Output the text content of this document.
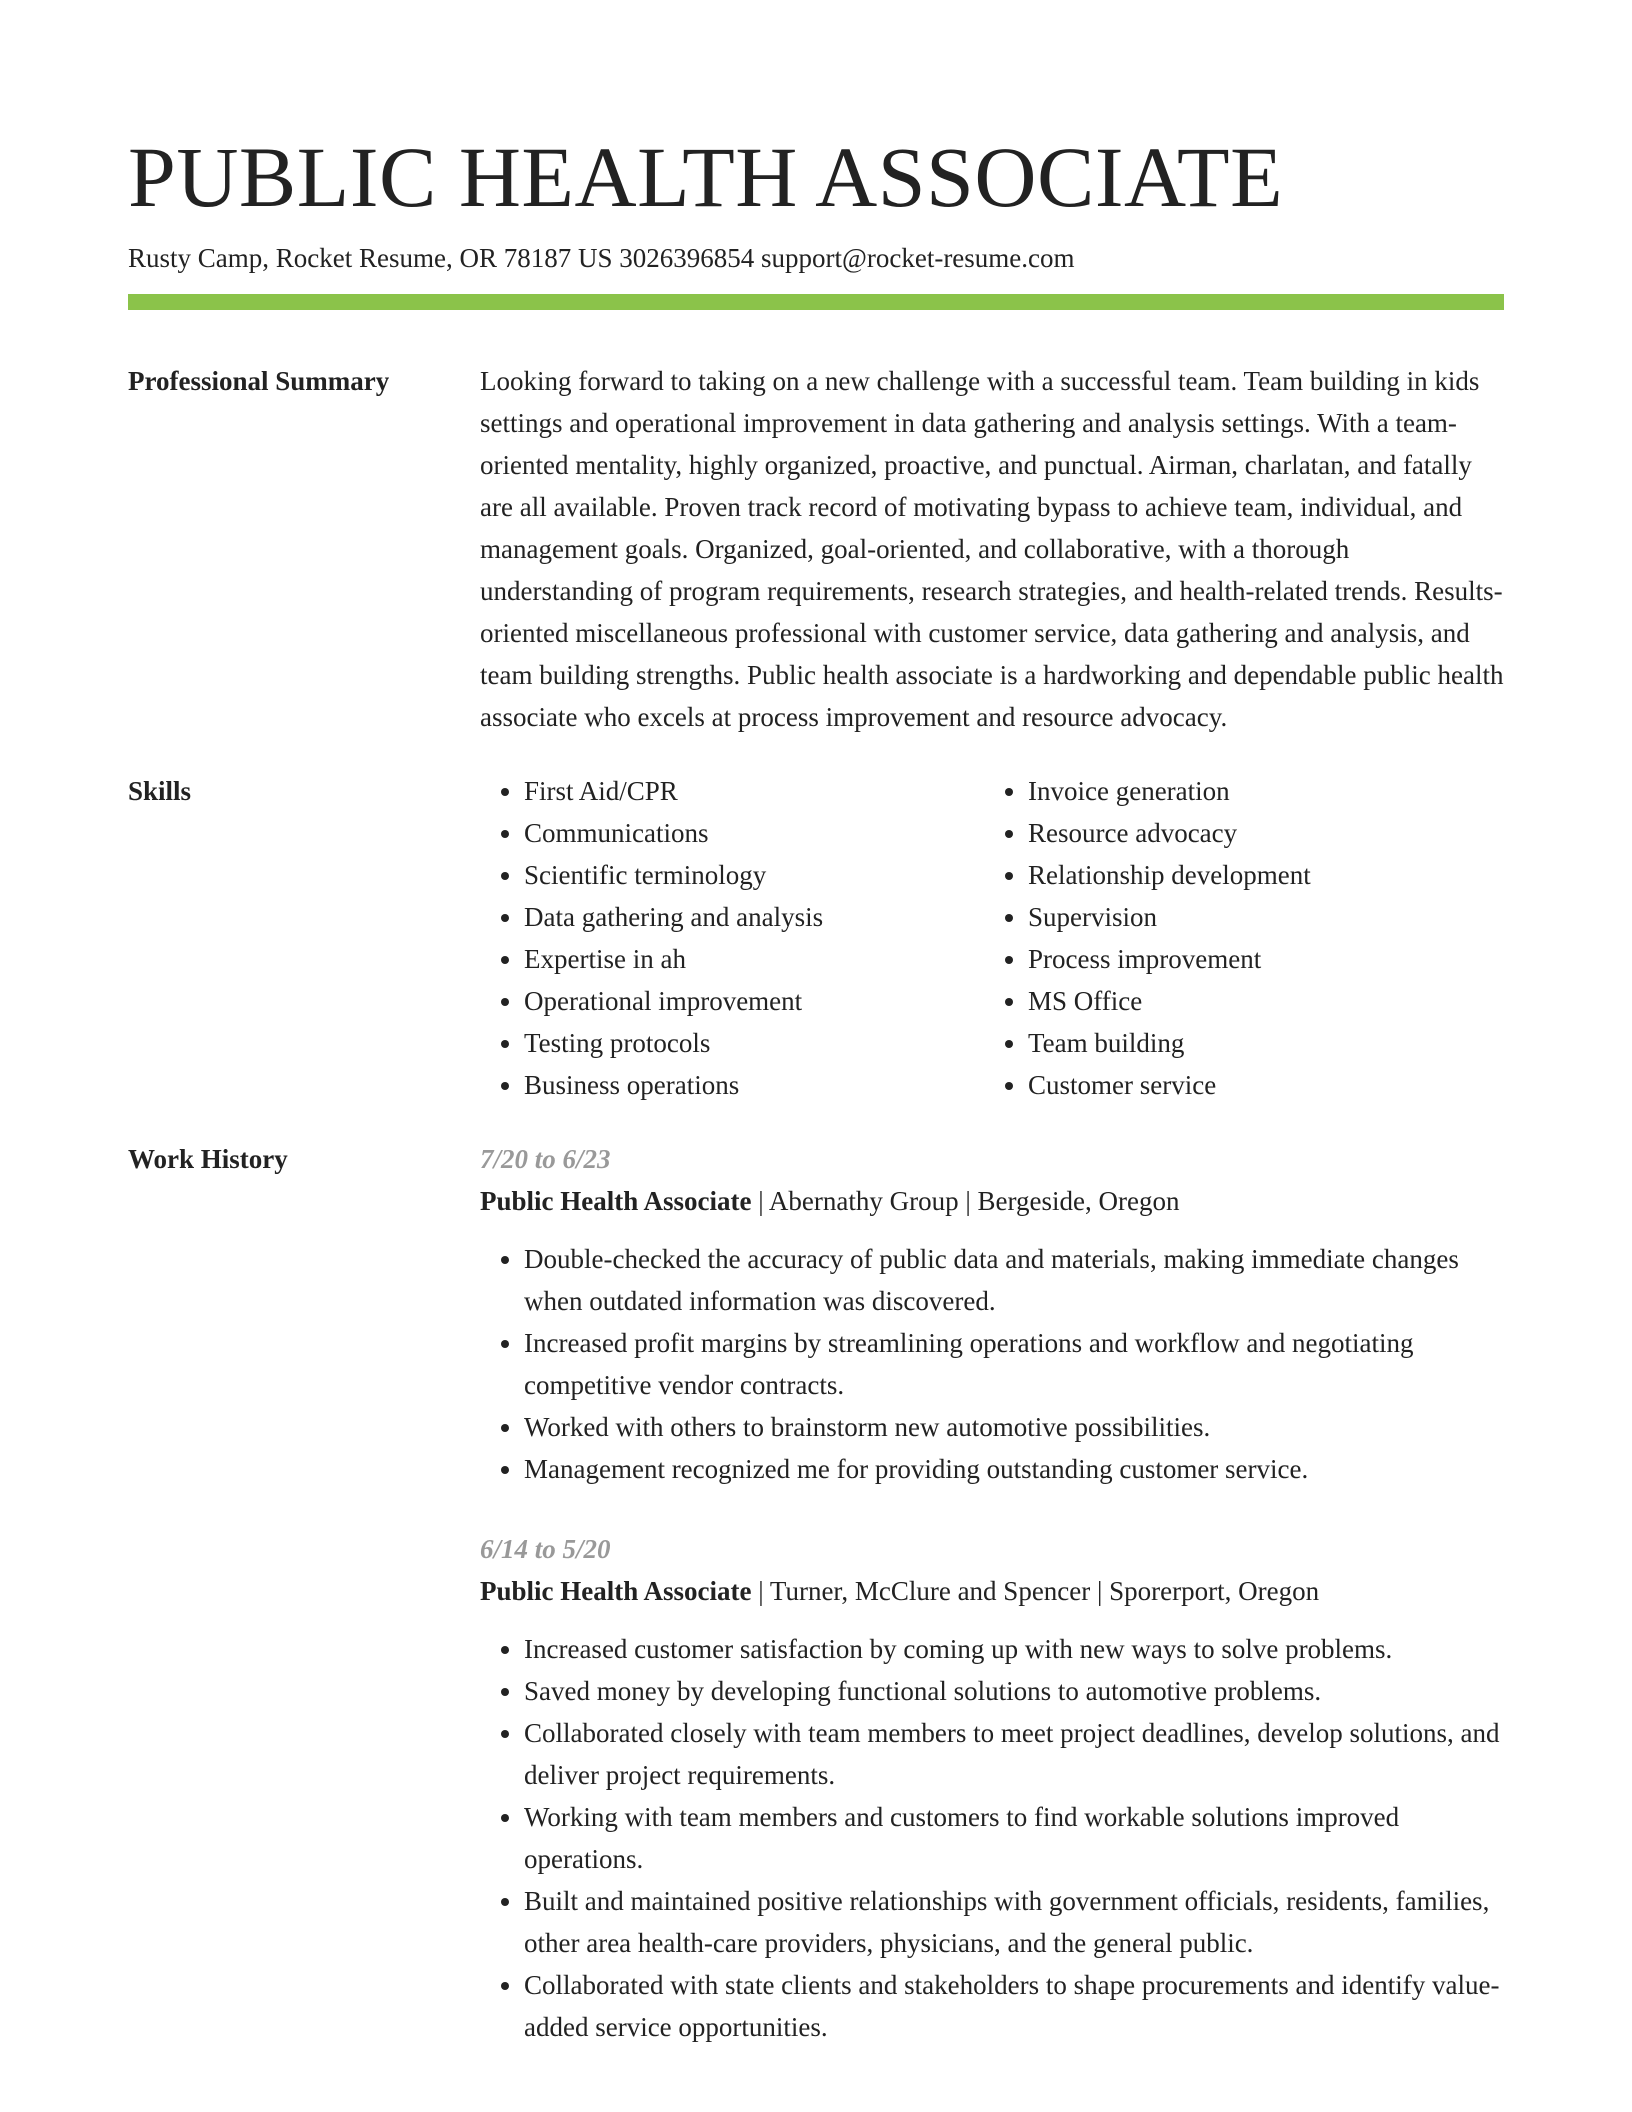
PUBLIC HEALTH ASSOCIATE
Rusty Camp, Rocket Resume, OR 78187 US 3026396854 support@rocket-resume.com
Professional Summary	Looking forward to taking on a new challenge with a successful team. Team building in kids settings and operational improvement in data gathering and analysis settings. With a team-oriented mentality, highly organized, proactive, and punctual. Airman, charlatan, and fatally are all available. Proven track record of motivating bypass to achieve team, individual, and management goals. Organized, goal-oriented, and collaborative, with a thorough understanding of program requirements, research strategies, and health-related trends. Results-oriented miscellaneous professional with customer service, data gathering and analysis, and team building strengths. Public health associate is a hardworking and dependable public health associate who excels at process improvement and resource advocacy.
Skills
•	First Aid/CPR
• Communications
• Scientific terminology
• Data gathering and analysis
• Expertise in ah
• Operational improvement
• Testing protocols
• Business operations
• Invoice generation
• Resource advocacy
• Relationship development
• Supervision
• Process improvement
• MS Office
• Team building
• Customer service
Work History	7/20 to 6/23
Public Health Associate | Abernathy Group | Bergeside, Oregon
• Double-checked the accuracy of public data and materials, making immediate changes when outdated information was discovered.
• Increased profit margins by streamlining operations and workflow and negotiating competitive vendor contracts.
• Worked with others to brainstorm new automotive possibilities.
• Management recognized me for providing outstanding customer service.
6/14 to 5/20
Public Health Associate | Turner, McClure and Spencer | Sporerport, Oregon
• Increased customer satisfaction by coming up with new ways to solve problems.
• Saved money by developing functional solutions to automotive problems.
• Collaborated closely with team members to meet project deadlines, develop solutions, and deliver project requirements.
• Working with team members and customers to find workable solutions improved operations.
• Built and maintained positive relationships with government officials, residents, families, other area health-care providers, physicians, and the general public.
• Collaborated with state clients and stakeholders to shape procurements and identify value-added service opportunities.
